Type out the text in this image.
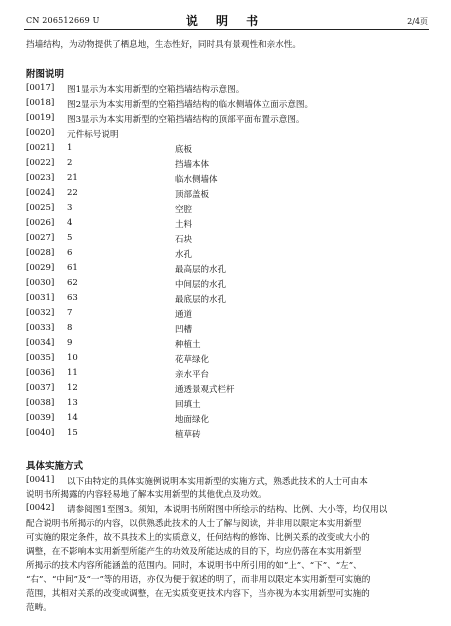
CN 206512669 U	说 明 书	2/4页
挡墙结构，为动物提供了栖息地，生态性好，同时具有景观性和亲水性。
附图说明
[0017] 图1显示为本实用新型的空箱挡墙结构示意图。
[0018] 图2显示为本实用新型的空箱挡墙结构的临水侧墙体立面示意图。
[0019] 图3显示为本实用新型的空箱挡墙结构的顶部平面布置示意图。
[0020] 元件标号说明
[0021] 1	底板
[0022] 2	挡墙本体
[0023] 21	临水侧墙体
[0024] 22	顶部盖板
[0025] 3	空腔
[0026] 4	土料
[0027] 5	石块
[0028] 6	水孔
[0029] 61	最高层的水孔
[0030] 62	中间层的水孔
[0031] 63	最底层的水孔
[0032] 7	通道
[0033] 8	凹槽
[0034] 9	种植土
[0035] 10	花草绿化
[0036] 11	亲水平台
[0037] 12	通透景观式栏杆
[0038] 13	回填土
[0039] 14	地面绿化
[0040] 15	植草砖
具体实施方式
[0041] 以下由特定的具体实施例说明本实用新型的实施方式，熟悉此技术的人士可由本
说明书所揭露的内容轻易地了解本实用新型的其他优点及功效。
[0042] 请参阅图1至图3。须知，本说明书所附图中所绘示的结构、比例、大小等，均仅用以
配合说明书所揭示的内容，以供熟悉此技术的人士了解与阅读，并非用以限定本实用新型
可实施的限定条件，故不具技术上的实质意义，任何结构的修饰、比例关系的改变或大小的
调整，在不影响本实用新型所能产生的功效及所能达成的目的下，均应仍落在本实用新型
所揭示的技术内容所能涵盖的范围内。同时，本说明书中所引用的如“上”、“下”、“左”、
“右”、“中间”及“一”等的用语，亦仅为便于叙述的明了，而非用以限定本实用新型可实施的
范围，其相对关系的改变或调整，在无实质变更技术内容下，当亦视为本实用新型可实施的
范畴。
